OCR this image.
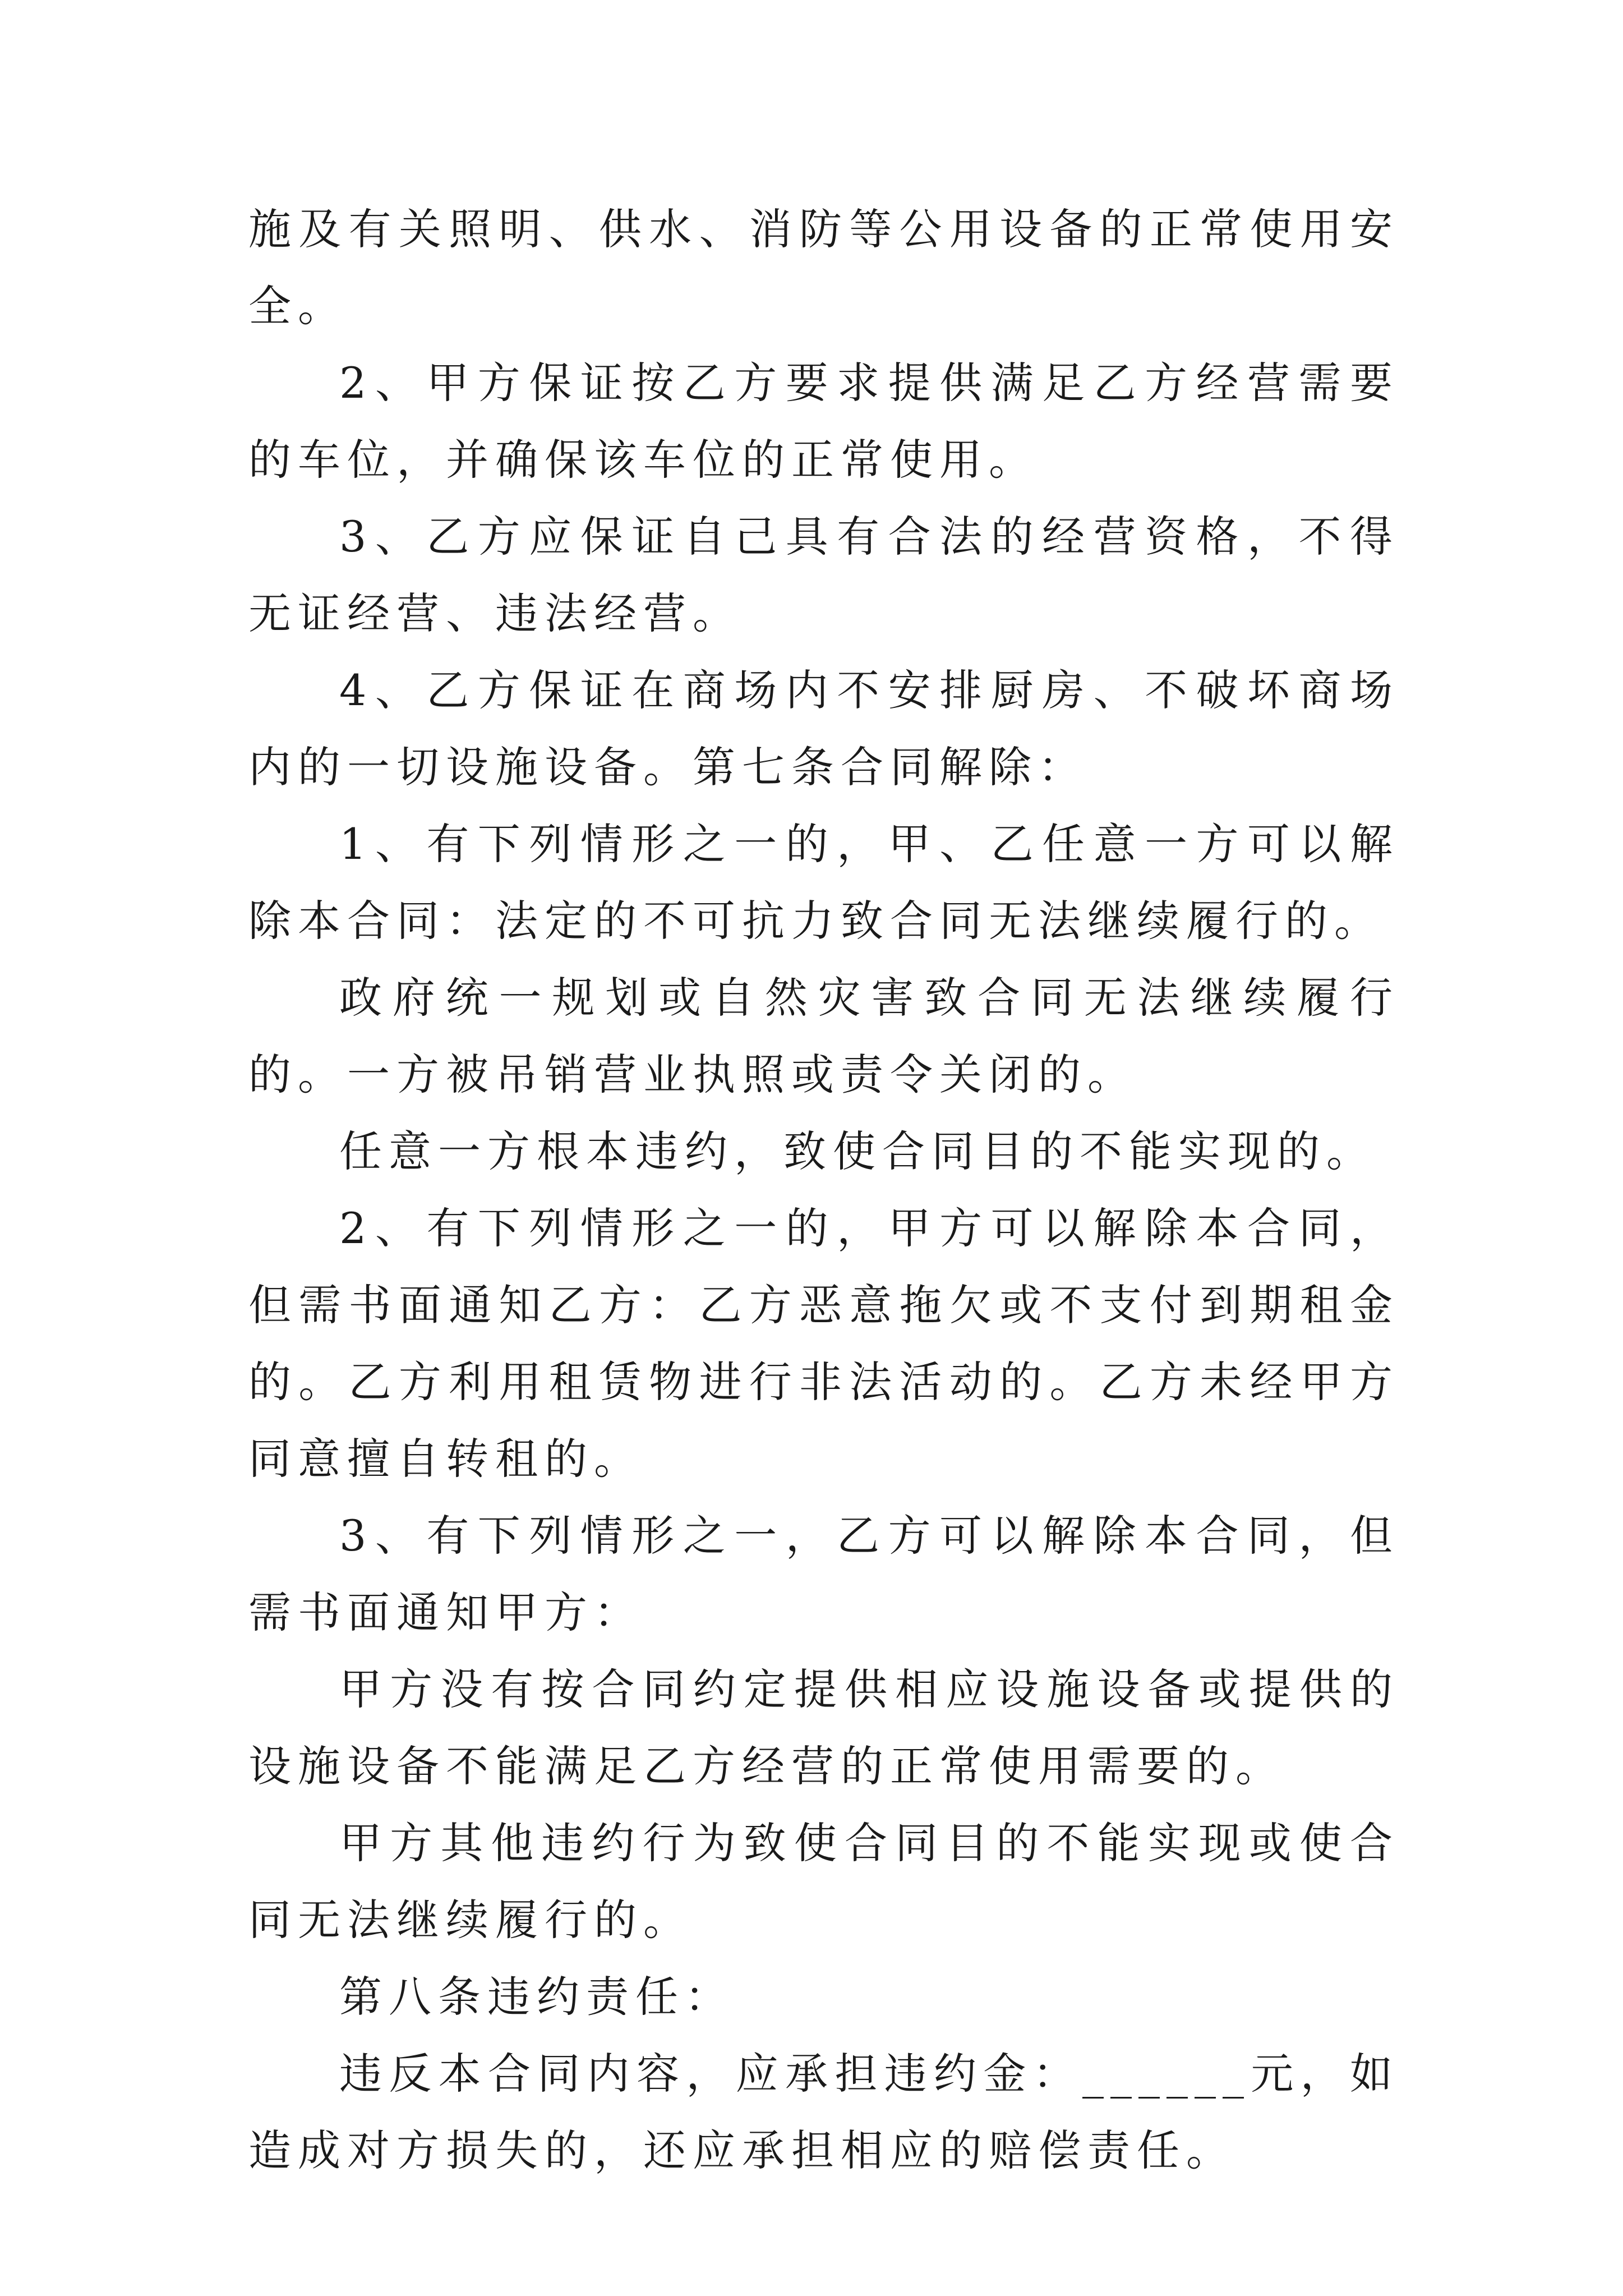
施及有关照明、供水、消防等公用设备的正常使用安全。

2、甲方保证按乙方要求提供满足乙方经营需要的车位，并确保该车位的正常使用。

3、乙方应保证自己具有合法的经营资格，不得无证经营、违法经营。

4、乙方保证在商场内不安排厨房、不破坏商场内的一切设施设备。第七条合同解除：

1、有下列情形之一的，甲、乙任意一方可以解除本合同：法定的不可抗力致合同无法继续履行的。

政府统一规划或自然灾害致合同无法继续履行的。一方被吊销营业执照或责令关闭的。

任意一方根本违约，致使合同目的不能实现的。

2、有下列情形之一的，甲方可以解除本合同，但需书面通知乙方：乙方恶意拖欠或不支付到期租金的。乙方利用租赁物进行非法活动的。乙方未经甲方同意擅自转租的。

3、有下列情形之一，乙方可以解除本合同，但需书面通知甲方：

甲方没有按合同约定提供相应设施设备或提供的设施设备不能满足乙方经营的正常使用需要的。

甲方其他违约行为致使合同目的不能实现或使合同无法继续履行的。

第八条违约责任：

违反本合同内容，应承担违约金：______元，如造成对方损失的，还应承担相应的赔偿责任。
